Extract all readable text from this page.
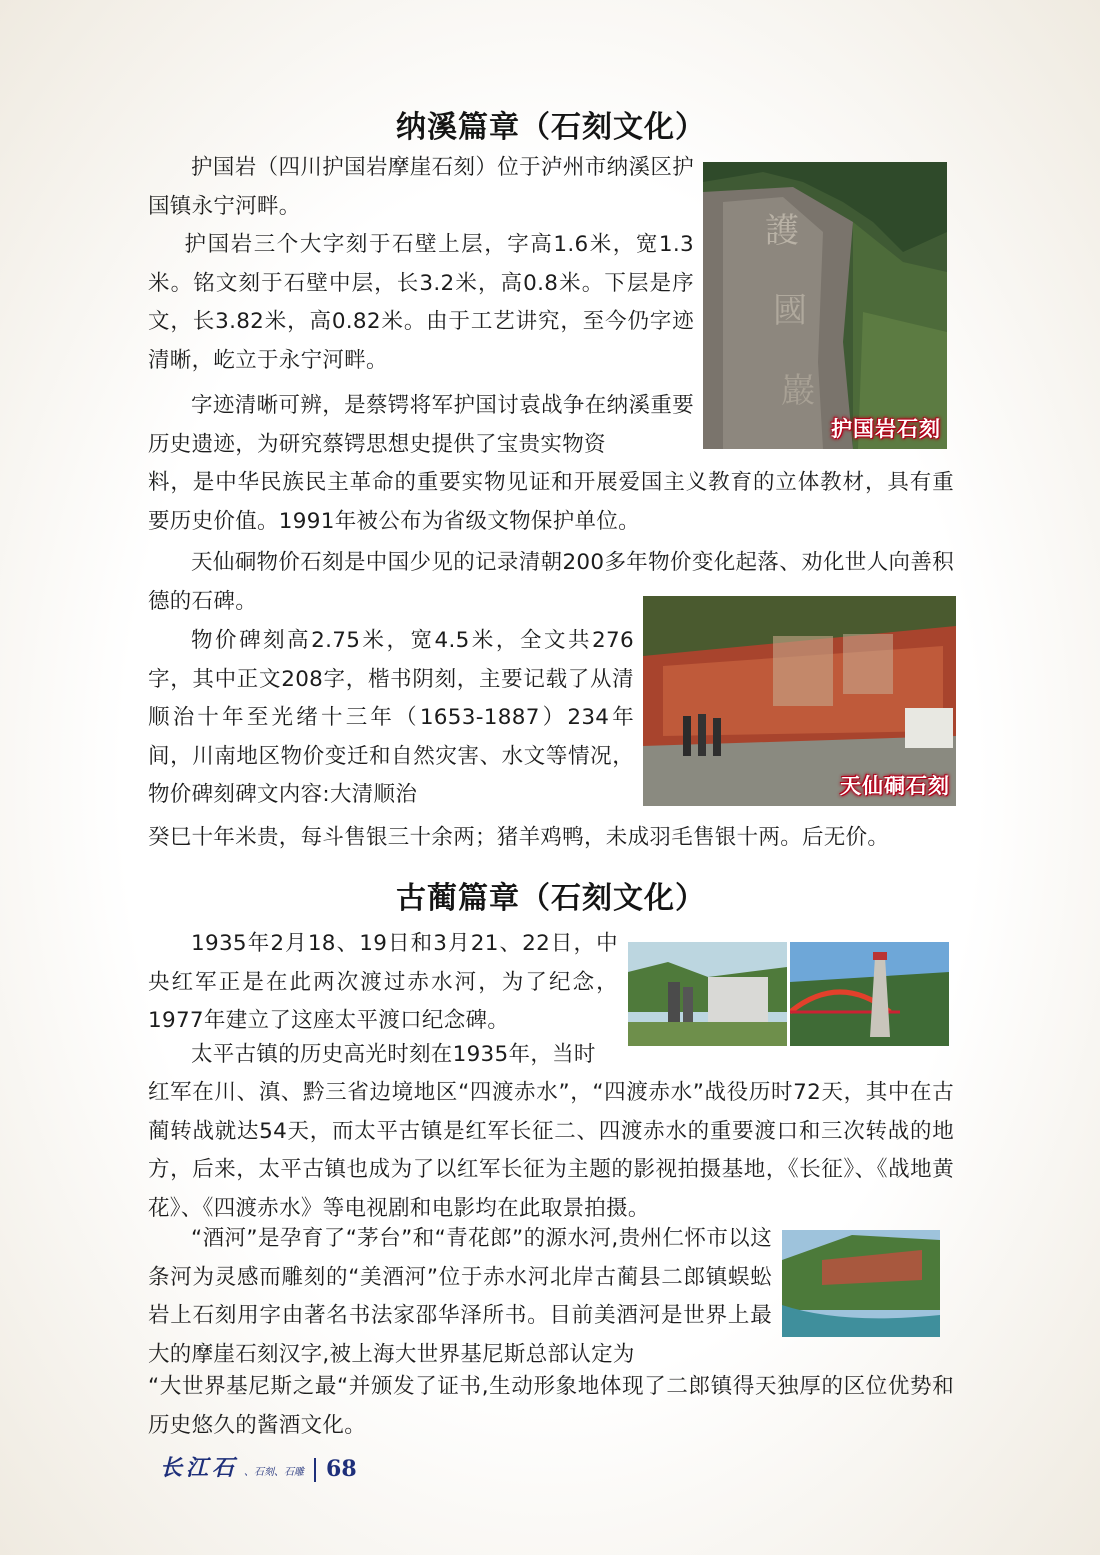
纳溪篇章（石刻文化）

护国岩（四川护国岩摩崖石刻）位于泸州市纳溪区护国镇永宁河畔。

护国岩三个大字刻于石壁上层，字高1.6米，宽1.3米。铭文刻于石壁中层，长3.2米，高0.8米。下层是序文，长3.82米，高0.82米。由于工艺讲究，至今仍字迹清晰，屹立于永宁河畔。

字迹清晰可辨，是蔡锷将军护国讨袁战争在纳溪重要历史遗迹，为研究蔡锷思想史提供了宝贵实物资

料，是中华民族民主革命的重要实物见证和开展爱国主义教育的立体教材，具有重要历史价值。1991年被公布为省级文物保护单位。

天仙硐物价石刻是中国少见的记录清朝200多年物价变化起落、劝化世人向善积德的石碑。

物价碑刻高2.75米，宽4.5米，全文共276字，其中正文208字，楷书阴刻，主要记载了从清顺治十年至光绪十三年（1653-1887）234年间，川南地区物价变迁和自然灾害、水文等情况，物价碑刻碑文内容:大清顺治

癸巳十年米贵，每斗售银三十余两；猪羊鸡鸭，未成羽毛售银十两。后无价。

護
國
巖
护国岩石刻
天仙硐石刻
古蔺篇章（石刻文化）

1935年2月18、19日和3月21、22日，中央红军正是在此两次渡过赤水河，为了纪念，1977年建立了这座太平渡口纪念碑。

太平古镇的历史高光时刻在1935年，当时

红军在川、滇、黔三省边境地区“四渡赤水”，“四渡赤水”战役历时72天，其中在古蔺转战就达54天，而太平古镇是红军长征二、四渡赤水的重要渡口和三次转战的地方，后来，太平古镇也成为了以红军长征为主题的影视拍摄基地，《长征》、《战地黄花》、《四渡赤水》等电视剧和电影均在此取景拍摄。

“酒河”是孕育了“茅台”和“青花郎”的源水河,贵州仁怀市以这条河为灵感而雕刻的“美酒河”位于赤水河北岸古蔺县二郎镇蜈蚣岩上石刻用字由著名书法家邵华泽所书。目前美酒河是世界上最大的摩崖石刻汉字,被上海大世界基尼斯总部认定为

“大世界基尼斯之最“并颁发了证书,生动形象地体现了二郎镇得天独厚的区位优势和历史悠久的酱酒文化。

长江石 、石刻、石雕 68
